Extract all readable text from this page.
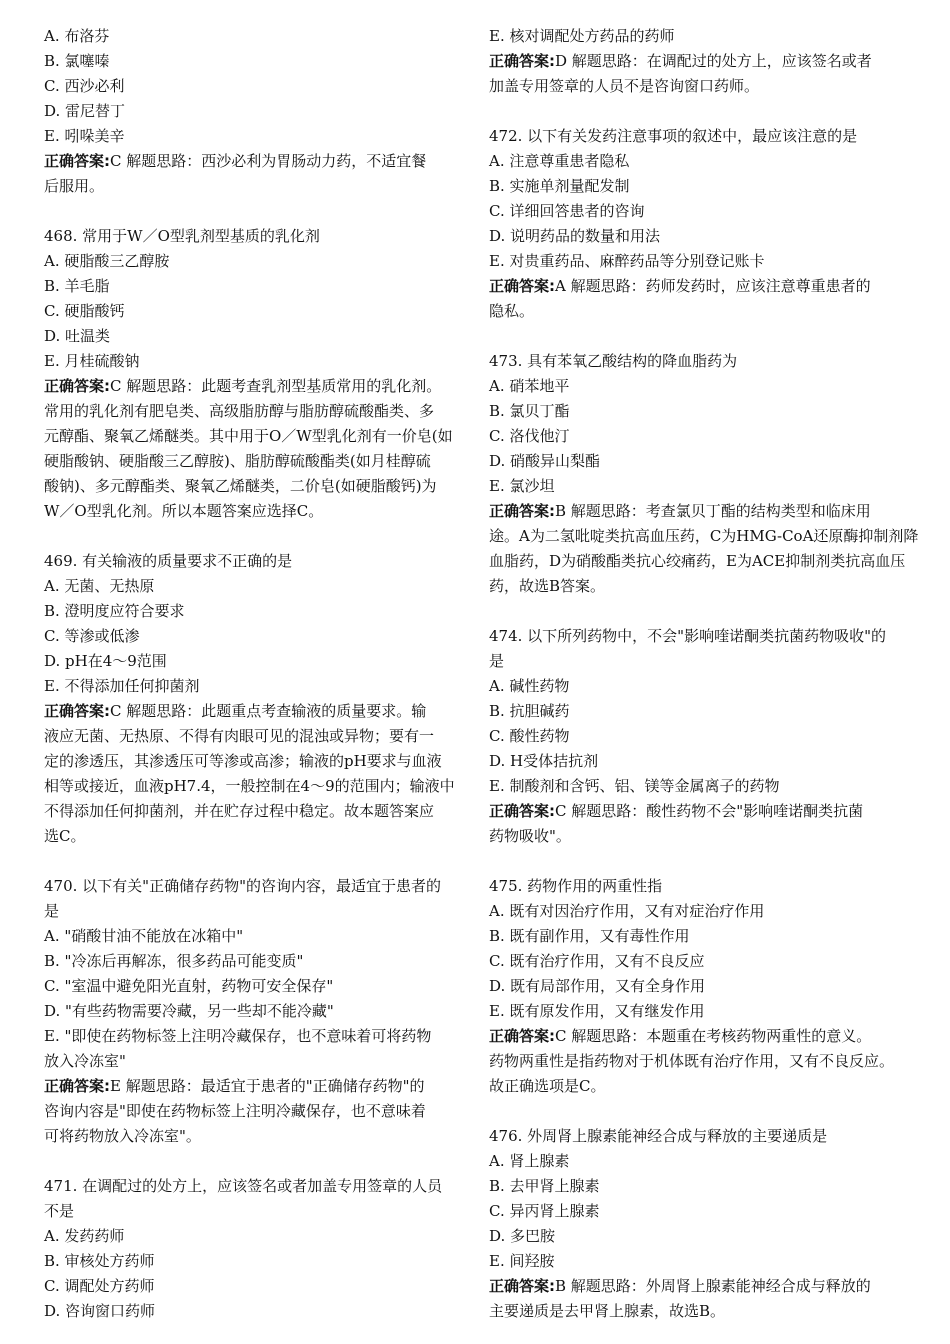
A. 布洛芬
B. 氯噻嗪
C. 西沙必利
D. 雷尼替丁
E. 吲哚美辛
正确答案:C 解题思路：西沙必利为胃肠动力药，不适宜餐
后服用。
468. 常用于W／O型乳剂型基质的乳化剂
A. 硬脂酸三乙醇胺
B. 羊毛脂
C. 硬脂酸钙
D. 吐温类
E. 月桂硫酸钠
正确答案:C 解题思路：此题考查乳剂型基质常用的乳化剂。
常用的乳化剂有肥皂类、高级脂肪醇与脂肪醇硫酸酯类、多
元醇酯、聚氧乙烯醚类。其中用于O／W型乳化剂有一价皂(如
硬脂酸钠、硬脂酸三乙醇胺)、脂肪醇硫酸酯类(如月桂醇硫
酸钠)、多元醇酯类、聚氧乙烯醚类，二价皂(如硬脂酸钙)为
W／O型乳化剂。所以本题答案应选择C。
469. 有关输液的质量要求不正确的是
A. 无菌、无热原
B. 澄明度应符合要求
C. 等渗或低渗
D. pH在4～9范围
E. 不得添加任何抑菌剂
正确答案:C 解题思路：此题重点考查输液的质量要求。输
液应无菌、无热原、不得有肉眼可见的混浊或异物；要有一
定的渗透压，其渗透压可等渗或高渗；输液的pH要求与血液
相等或接近，血液pH7.4，一般控制在4～9的范围内；输液中
不得添加任何抑菌剂，并在贮存过程中稳定。故本题答案应
选C。
470. 以下有关"正确储存药物"的咨询内容，最适宜于患者的
是
A. "硝酸甘油不能放在冰箱中"
B. "冷冻后再解冻，很多药品可能变质"
C. "室温中避免阳光直射，药物可安全保存"
D. "有些药物需要冷藏，另一些却不能冷藏"
E. "即使在药物标签上注明冷藏保存，也不意味着可将药物
放入冷冻室"
正确答案:E 解题思路：最适宜于患者的"正确储存药物"的
咨询内容是"即使在药物标签上注明冷藏保存，也不意味着
可将药物放入冷冻室"。
471. 在调配过的处方上，应该签名或者加盖专用签章的人员
不是
A. 发药药师
B. 审核处方药师
C. 调配处方药师
D. 咨询窗口药师
E. 核对调配处方药品的药师
正确答案:D 解题思路：在调配过的处方上，应该签名或者
加盖专用签章的人员不是咨询窗口药师。
472. 以下有关发药注意事项的叙述中，最应该注意的是
A. 注意尊重患者隐私
B. 实施单剂量配发制
C. 详细回答患者的咨询
D. 说明药品的数量和用法
E. 对贵重药品、麻醉药品等分别登记账卡
正确答案:A 解题思路：药师发药时，应该注意尊重患者的
隐私。
473. 具有苯氧乙酸结构的降血脂药为
A. 硝苯地平
B. 氯贝丁酯
C. 洛伐他汀
D. 硝酸异山梨酯
E. 氯沙坦
正确答案:B 解题思路：考查氯贝丁酯的结构类型和临床用
途。A为二氢吡啶类抗高血压药，C为HMG-CoA还原酶抑制剂降
血脂药，D为硝酸酯类抗心绞痛药，E为ACE抑制剂类抗高血压
药，故选B答案。
474. 以下所列药物中，不会"影响喹诺酮类抗菌药物吸收"的
是
A. 碱性药物
B. 抗胆碱药
C. 酸性药物
D. H受体拮抗剂
E. 制酸剂和含钙、铝、镁等金属离子的药物
正确答案:C 解题思路：酸性药物不会"影响喹诺酮类抗菌
药物吸收"。
475. 药物作用的两重性指
A. 既有对因治疗作用，又有对症治疗作用
B. 既有副作用，又有毒性作用
C. 既有治疗作用，又有不良反应
D. 既有局部作用，又有全身作用
E. 既有原发作用，又有继发作用
正确答案:C 解题思路：本题重在考核药物两重性的意义。
药物两重性是指药物对于机体既有治疗作用，又有不良反应。
故正确选项是C。
476. 外周肾上腺素能神经合成与释放的主要递质是
A. 肾上腺素
B. 去甲肾上腺素
C. 异丙肾上腺素
D. 多巴胺
E. 间羟胺
正确答案:B 解题思路：外周肾上腺素能神经合成与释放的
主要递质是去甲肾上腺素，故选B。
